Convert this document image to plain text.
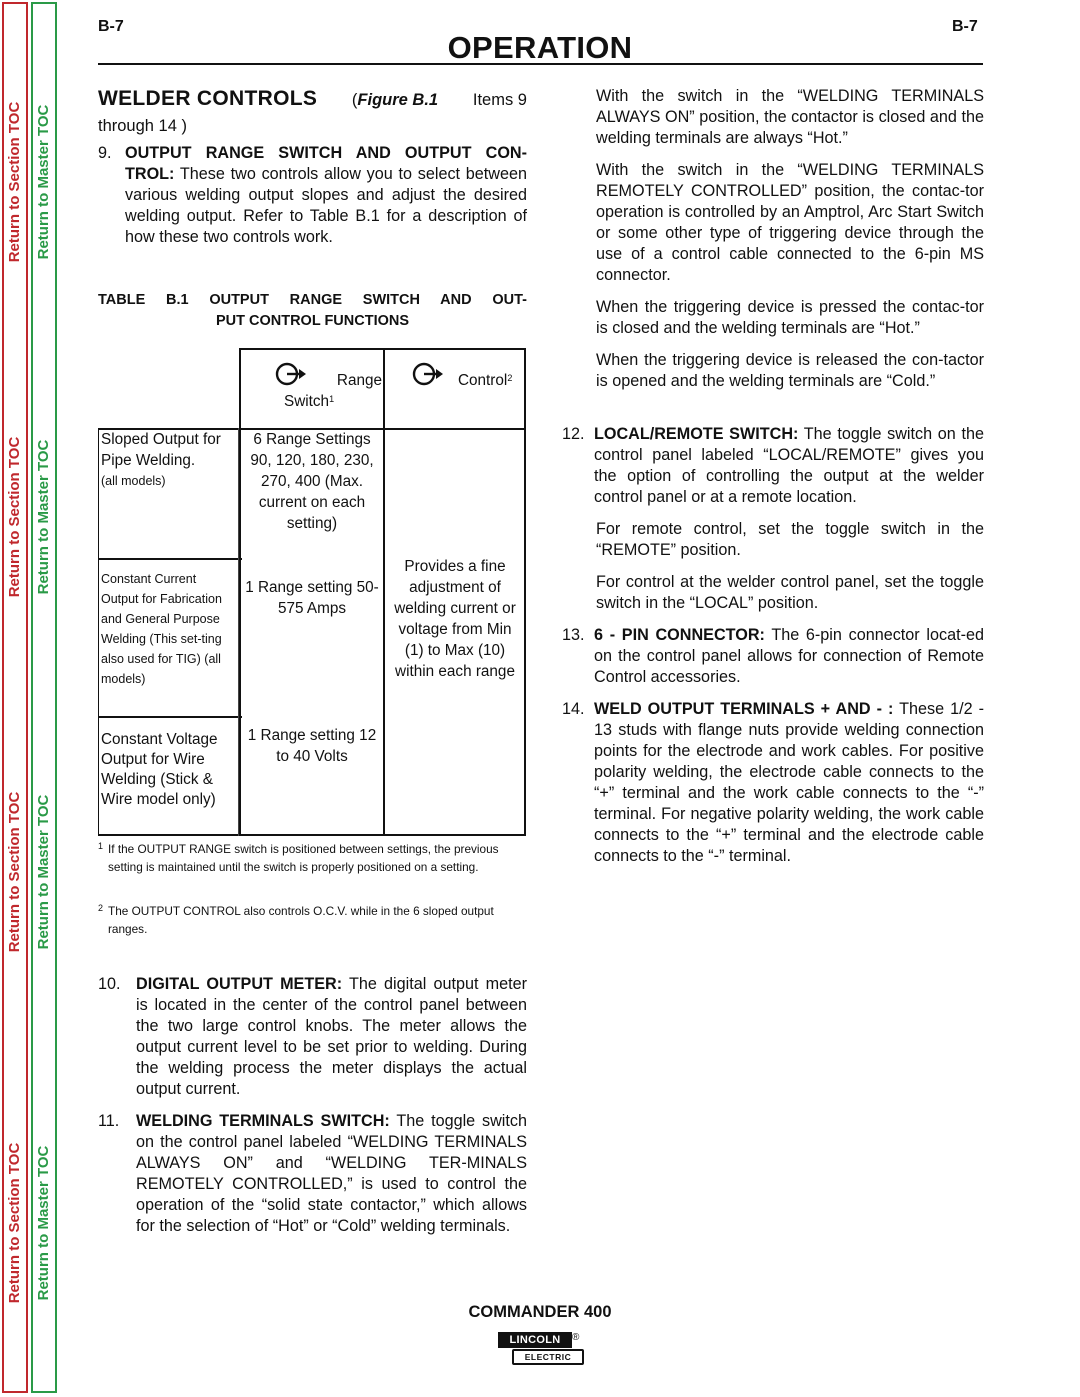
Return to Section TOC
Return to Section TOC
Return to Section TOC
Return to Section TOC
Return to Master TOC
Return to Master TOC
Return to Master TOC
Return to Master TOC
B-7	B-7
OPERATION
WELDER CONTROLS (Figure B.1 Items 9
through 14 )
9. OUTPUT RANGE SWITCH AND OUTPUT CON-
TROL: These two controls allow you to select between various welding output slopes and adjust the desired welding output. Refer to Table B.1 for a description of how these two controls work.
TABLE B.1 OUTPUT RANGE SWITCH AND OUT-
PUT CONTROL FUNCTIONS
Range
Switch$^1$
Control$^2$
Sloped Output for Pipe Welding.
(all models)
6 Range Settings 90, 120, 180, 230, 270, 400 (Max. current on each setting)
Constant Current Output for Fabrication and General Purpose Welding (This set-ting also used for TIG) (all models)
1 Range setting 50-575 Amps
Constant Voltage Output for Wire Welding (Stick & Wire model only)
1 Range setting 12 to 40 Volts
Provides a fine adjustment of welding current or voltage from Min (1) to Max (10) within each range
1 If the OUTPUT RANGE switch is positioned between settings, the previous setting is maintained until the switch is properly positioned on a setting.
2 The OUTPUT CONTROL also controls O.C.V. while in the 6 sloped output ranges.
10. DIGITAL OUTPUT METER: The digital output meter is located in the center of the control panel between the two large control knobs. The meter allows the output current level to be set prior to welding. During the welding process the meter displays the actual output current.
11. WELDING TERMINALS SWITCH: The toggle switch on the control panel labeled “WELDING TERMINALS ALWAYS ON” and “WELDING TER-MINALS REMOTELY CONTROLLED,” is used to control the operation of the “solid state contactor,” which allows for the selection of “Hot” or “Cold” welding terminals.
With the switch in the “WELDING TERMINALS ALWAYS ON” position, the contactor is closed and the welding terminals are always “Hot.”
With the switch in the “WELDING TERMINALS REMOTELY CONTROLLED” position, the contac-tor operation is controlled by an Amptrol, Arc Start Switch or some other type of triggering device through the use of a control cable connected to the 6-pin MS connector.
When the triggering device is pressed the contac-tor is closed and the welding terminals are “Hot.”
When the triggering device is released the con-tactor is opened and the welding terminals are “Cold.”
12. LOCAL/REMOTE SWITCH: The toggle switch on the control panel labeled “LOCAL/REMOTE” gives you the option of controlling the output at the welder control panel or at a remote location.
For remote control, set the toggle switch in the “REMOTE” position.
For control at the welder control panel, set the toggle switch in the “LOCAL” position.
13. 6 - PIN CONNECTOR: The 6-pin connector locat-ed on the control panel allows for connection of Remote Control accessories.
14. WELD OUTPUT TERMINALS + AND - : These 1/2 - 13 studs with flange nuts provide welding connection points for the electrode and work cables. For positive polarity welding, the electrode cable connects to the “+” terminal and the work cable connects to the “-” terminal. For negative polarity welding, the work cable connects to the “+” terminal and the electrode cable connects to the “-” terminal.
COMMANDER 400
LINCOLN	®
ELECTRIC
